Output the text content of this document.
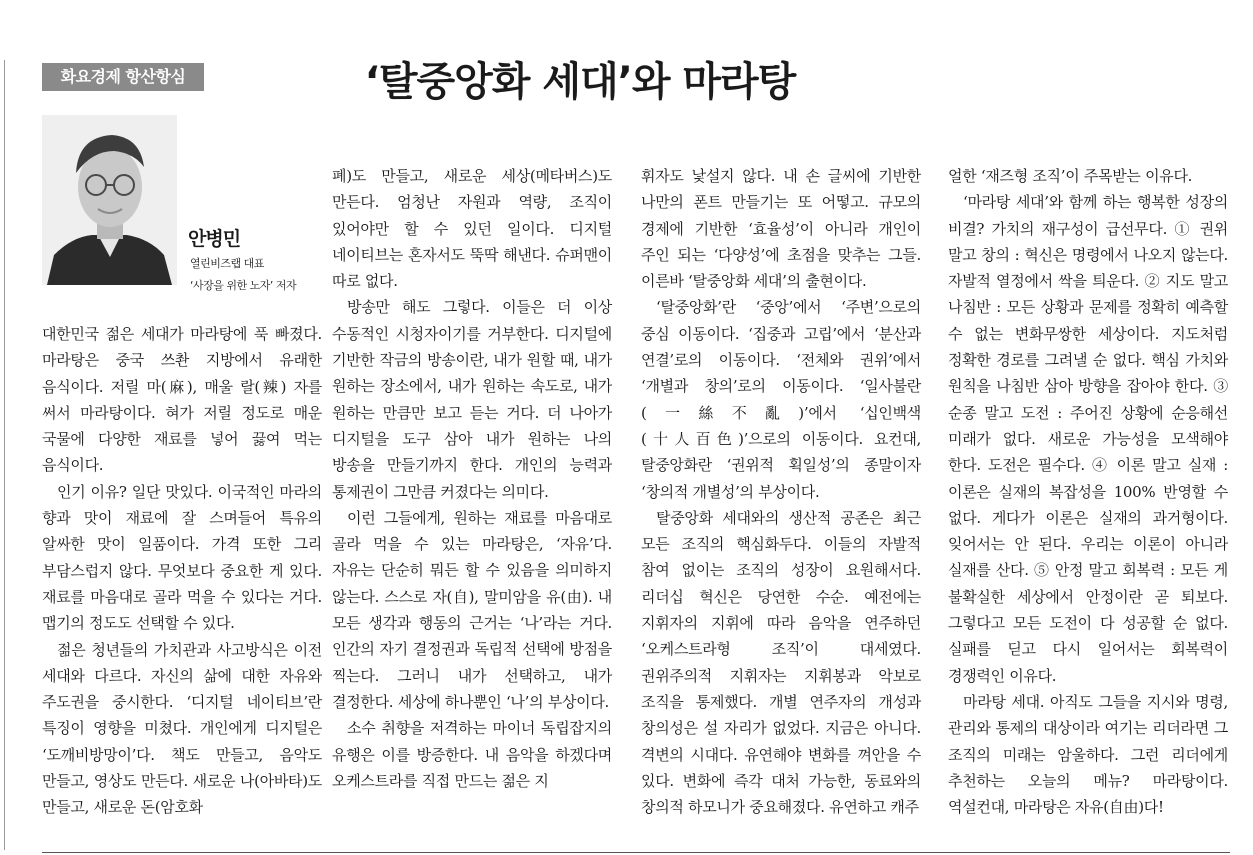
화요경제 항산항심	‘탈중앙화 세대’와 마라탕
안병민
열린비즈랩 대표
‘사장을 위한 노자’ 저자

대한민국 젊은 세대가 마라탕에 푹 빠졌다. 마라탕은 중국 쓰촨 지방에서 유래한 음식이다. 저릴 마(麻), 매울 랄(辣) 자를 써서 마라탕이다. 혀가 저릴 정도로 매운 국물에 다양한 재료를 넣어 끓여 먹는 음식이다.

인기 이유? 일단 맛있다. 이국적인 마라의 향과 맛이 재료에 잘 스며들어 특유의 알싸한 맛이 일품이다. 가격 또한 그리 부담스럽지 않다. 무엇보다 중요한 게 있다. 재료를 마음대로 골라 먹을 수 있다는 거다. 맵기의 정도도 선택할 수 있다.

젊은 청년들의 가치관과 사고방식은 이전 세대와 다르다. 자신의 삶에 대한 자유와 주도권을 중시한다. ‘디지털 네이티브’란 특징이 영향을 미쳤다. 개인에게 디지털은 ‘도깨비방망이’다. 책도 만들고, 음악도 만들고, 영상도 만든다. 새로운 나(아바타)도 만들고, 새로운 돈(암호화

폐)도 만들고, 새로운 세상(메타버스)도 만든다. 엄청난 자원과 역량, 조직이 있어야만 할 수 있던 일이다. 디지털 네이티브는 혼자서도 뚝딱 해낸다. 슈퍼맨이 따로 없다.

방송만 해도 그렇다. 이들은 더 이상 수동적인 시청자이기를 거부한다. 디지털에 기반한 작금의 방송이란, 내가 원할 때, 내가 원하는 장소에서, 내가 원하는 속도로, 내가 원하는 만큼만 보고 듣는 거다. 더 나아가 디지털을 도구 삼아 내가 원하는 나의 방송을 만들기까지 한다. 개인의 능력과 통제권이 그만큼 커졌다는 의미다.

이런 그들에게, 원하는 재료를 마음대로 골라 먹을 수 있는 마라탕은, ‘자유’다. 자유는 단순히 뭐든 할 수 있음을 의미하지 않는다. 스스로 자(自), 말미암을 유(由). 내 모든 생각과 행동의 근거는 ‘나’라는 거다. 인간의 자기 결정권과 독립적 선택에 방점을 찍는다. 그러니 내가 선택하고, 내가 결정한다. 세상에 하나뿐인 ‘나’의 부상이다.

소수 취향을 저격하는 마이너 독립잡지의 유행은 이를 방증한다. 내 음악을 하겠다며 오케스트라를 직접 만드는 젊은 지

휘자도 낯설지 않다. 내 손 글씨에 기반한 나만의 폰트 만들기는 또 어떻고. 규모의 경제에 기반한 ‘효율성’이 아니라 개인이 주인 되는 ‘다양성’에 초점을 맞추는 그들. 이른바 ‘탈중앙화 세대’의 출현이다.

‘탈중앙화’란 ‘중앙’에서 ‘주변’으로의 중심 이동이다. ‘집중과 고립’에서 ‘분산과 연결’로의 이동이다. ‘전체와 권위’에서 ‘개별과 창의’로의 이동이다. ‘일사불란(一絲不亂)’에서 ‘십인백색(十人百色)’으로의 이동이다. 요컨대, 탈중앙화란 ‘권위적 획일성’의 종말이자 ‘창의적 개별성’의 부상이다.

탈중앙화 세대와의 생산적 공존은 최근 모든 조직의 핵심화두다. 이들의 자발적 참여 없이는 조직의 성장이 요원해서다. 리더십 혁신은 당연한 수순. 예전에는 지휘자의 지휘에 따라 음악을 연주하던 ‘오케스트라형 조직’이 대세였다. 권위주의적 지휘자는 지휘봉과 악보로 조직을 통제했다. 개별 연주자의 개성과 창의성은 설 자리가 없었다. 지금은 아니다. 격변의 시대다. 유연해야 변화를 껴안을 수 있다. 변화에 즉각 대처 가능한, 동료와의 창의적 하모니가 중요해졌다. 유연하고 캐주

얼한 ‘재즈형 조직’이 주목받는 이유다.

‘마라탕 세대’와 함께 하는 행복한 성장의 비결? 가치의 재구성이 급선무다. ① 권위 말고 창의 : 혁신은 명령에서 나오지 않는다. 자발적 열정에서 싹을 틔운다. ② 지도 말고 나침반 : 모든 상황과 문제를 정확히 예측할 수 없는 변화무쌍한 세상이다. 지도처럼 정확한 경로를 그려낼 순 없다. 핵심 가치와 원칙을 나침반 삼아 방향을 잡아야 한다. ③ 순종 말고 도전 : 주어진 상황에 순응해선 미래가 없다. 새로운 가능성을 모색해야 한다. 도전은 필수다. ④ 이론 말고 실재 : 이론은 실재의 복잡성을 100% 반영할 수 없다. 게다가 이론은 실재의 과거형이다. 잊어서는 안 된다. 우리는 이론이 아니라 실재를 산다. ⑤ 안정 말고 회복력 : 모든 게 불확실한 세상에서 안정이란 곧 퇴보다. 그렇다고 모든 도전이 다 성공할 순 없다. 실패를 딛고 다시 일어서는 회복력이 경쟁력인 이유다.

마라탕 세대. 아직도 그들을 지시와 명령, 관리와 통제의 대상이라 여기는 리더라면 그 조직의 미래는 암울하다. 그런 리더에게 추천하는 오늘의 메뉴? 마라탕이다. 역설컨대, 마라탕은 자유(自由)다!
